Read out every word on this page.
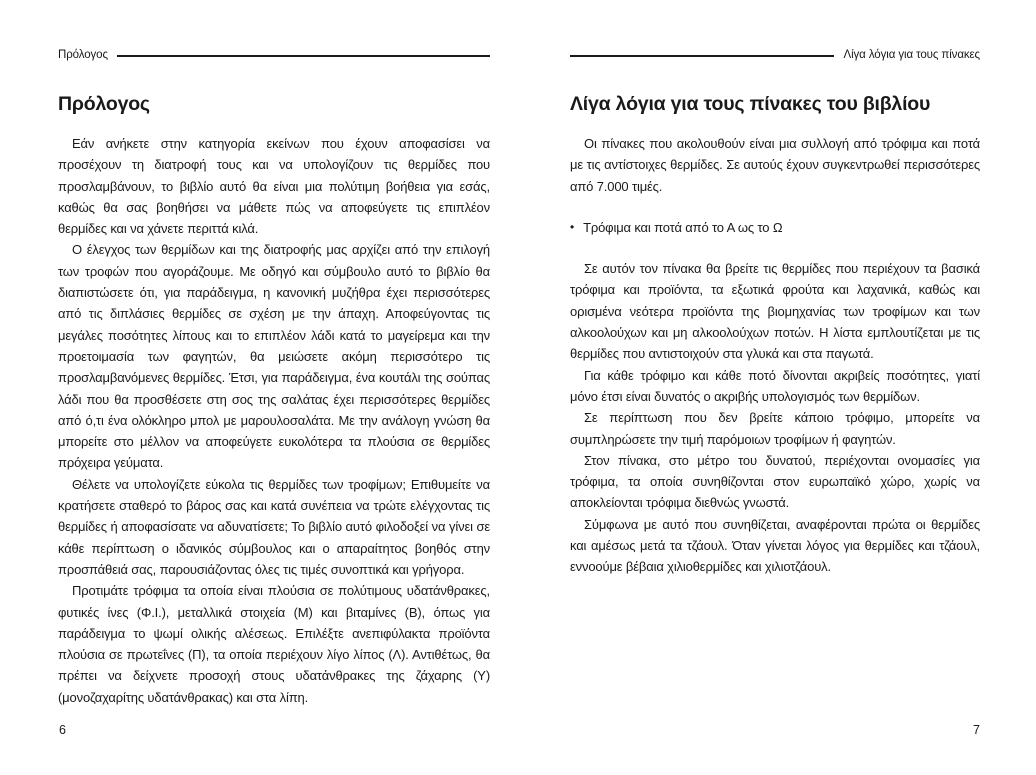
Πρόλογος
Πρόλογος

Εάν ανήκετε στην κατηγορία εκείνων που έχουν αποφασίσει να προσέχουν τη διατροφή τους και να υπολογίζουν τις θερμίδες που προσλαμβάνουν, το βιβλίο αυτό θα είναι μια πολύτιμη βοήθεια για εσάς, καθώς θα σας βοηθήσει να μάθετε πώς να αποφεύγετε τις επιπλέον θερμίδες και να χάνετε περιττά κιλά.

Ο έλεγχος των θερμίδων και της διατροφής μας αρχίζει από την επιλογή των τροφών που αγοράζουμε. Με οδηγό και σύμβουλο αυτό το βιβλίο θα διαπιστώσετε ότι, για παράδειγμα, η κανονική μυζήθρα έχει περισσότερες από τις διπλάσιες θερμίδες σε σχέση με την άπαχη. Αποφεύγοντας τις μεγάλες ποσότητες λίπους και το επιπλέον λάδι κατά το μαγείρεμα και την προετοιμασία των φαγητών, θα μειώσετε ακόμη περισσότερο τις προσλαμβανόμενες θερμίδες. Έτσι, για παράδειγμα, ένα κουτάλι της σούπας λάδι που θα προσθέσετε στη σος της σαλάτας έχει περισσότερες θερμίδες από ό,τι ένα ολόκληρο μπολ με μαρουλοσαλάτα. Με την ανάλογη γνώση θα μπορείτε στο μέλλον να αποφεύγετε ευκολότερα τα πλούσια σε θερμίδες πρόχειρα γεύματα.

Θέλετε να υπολογίζετε εύκολα τις θερμίδες των τροφίμων; Επιθυμείτε να κρατήσετε σταθερό το βάρος σας και κατά συνέπεια να τρώτε ελέγχοντας τις θερμίδες ή αποφασίσατε να αδυνατίσετε; Το βιβλίο αυτό φιλοδοξεί να γίνει σε κάθε περίπτωση ο ιδανικός σύμβουλος και ο απαραίτητος βοηθός στην προσπάθειά σας, παρουσιάζοντας όλες τις τιμές συνοπτικά και γρήγορα.

Προτιμάτε τρόφιμα τα οποία είναι πλούσια σε πολύτιμους υδατάνθρακες, φυτικές ίνες (Φ.Ι.), μεταλλικά στοιχεία (Μ) και βιταμίνες (Β), όπως για παράδειγμα το ψωμί ολικής αλέσεως. Επιλέξτε ανεπιφύλακτα προϊόντα πλούσια σε πρωτεΐνες (Π), τα οποία περιέχουν λίγο λίπος (Λ). Αντιθέτως, θα πρέπει να δείχνετε προσοχή στους υδατάνθρακες της ζάχαρης (Υ) (μονοζαχαρίτης υδατάνθρακας) και στα λίπη.

Λίγα λόγια για τους πίνακες
Λίγα λόγια για τους πίνακες του βιβλίου

Οι πίνακες που ακολουθούν είναι μια συλλογή από τρόφιμα και ποτά με τις αντίστοιχες θερμίδες. Σε αυτούς έχουν συγκεντρωθεί περισσότερες από 7.000 τιμές.

• Τρόφιμα και ποτά από το Α ως το Ω

Σε αυτόν τον πίνακα θα βρείτε τις θερμίδες που περιέχουν τα βασικά τρόφιμα και προϊόντα, τα εξωτικά φρούτα και λαχανικά, καθώς και ορισμένα νεότερα προϊόντα της βιομηχανίας των τροφίμων και των αλκοολούχων και μη αλκοολούχων ποτών. Η λίστα εμπλουτίζεται με τις θερμίδες που αντιστοιχούν στα γλυκά και στα παγωτά.

Για κάθε τρόφιμο και κάθε ποτό δίνονται ακριβείς ποσότητες, γιατί μόνο έτσι είναι δυνατός ο ακριβής υπολογισμός των θερμίδων.

Σε περίπτωση που δεν βρείτε κάποιο τρόφιμο, μπορείτε να συμπληρώσετε την τιμή παρόμοιων τροφίμων ή φαγητών.

Στον πίνακα, στο μέτρο του δυνατού, περιέχονται ονομασίες για τρόφιμα, τα οποία συνηθίζονται στον ευρωπαϊκό χώρο, χωρίς να αποκλείονται τρόφιμα διεθνώς γνωστά.

Σύμφωνα με αυτό που συνηθίζεται, αναφέρονται πρώτα οι θερμίδες και αμέσως μετά τα τζάουλ. Όταν γίνεται λόγος για θερμίδες και τζάουλ, εννοούμε βέβαια χιλιοθερμίδες και χιλιοτζάουλ.

6	7
